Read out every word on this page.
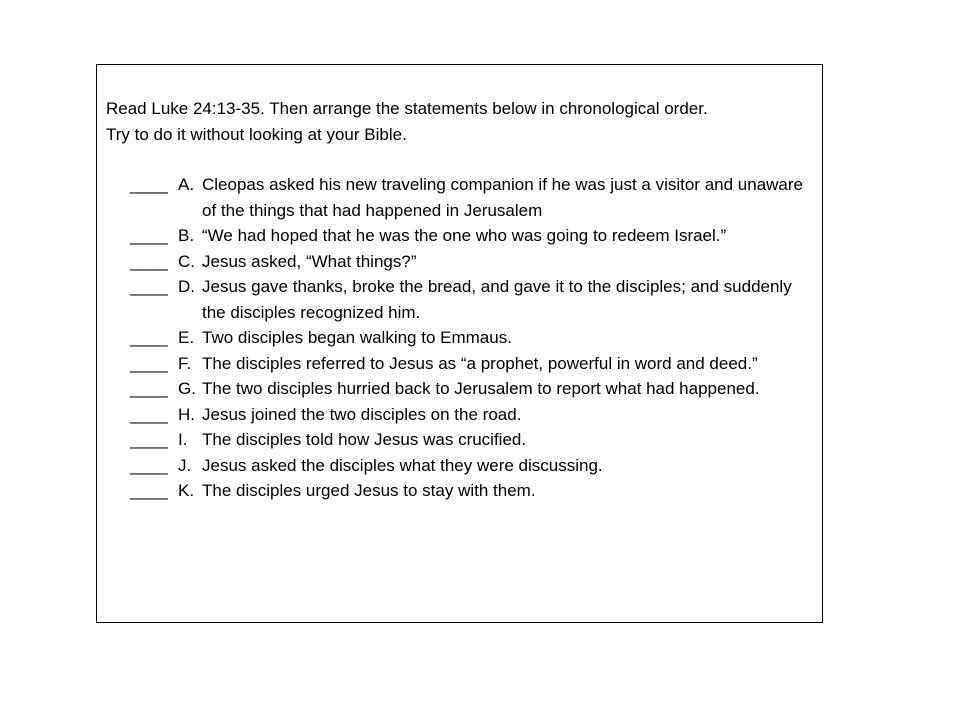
Read Luke 24:13-35. Then arrange the statements below in chronological order.
Try to do it without looking at your Bible.

____ A. Cleopas asked his new traveling companion if he was just a visitor and unaware of the things that had happened in Jerusalem
____ B. “We had hoped that he was the one who was going to redeem Israel.”
____ C. Jesus asked, “What things?”
____ D. Jesus gave thanks, broke the bread, and gave it to the disciples; and suddenly the disciples recognized him.
____ E. Two disciples began walking to Emmaus.
____ F. The disciples referred to Jesus as “a prophet, powerful in word and deed.”
____ G. The two disciples hurried back to Jerusalem to report what had happened.
____ H. Jesus joined the two disciples on the road.
____ I. The disciples told how Jesus was crucified.
____ J. Jesus asked the disciples what they were discussing.
____ K. The disciples urged Jesus to stay with them.
